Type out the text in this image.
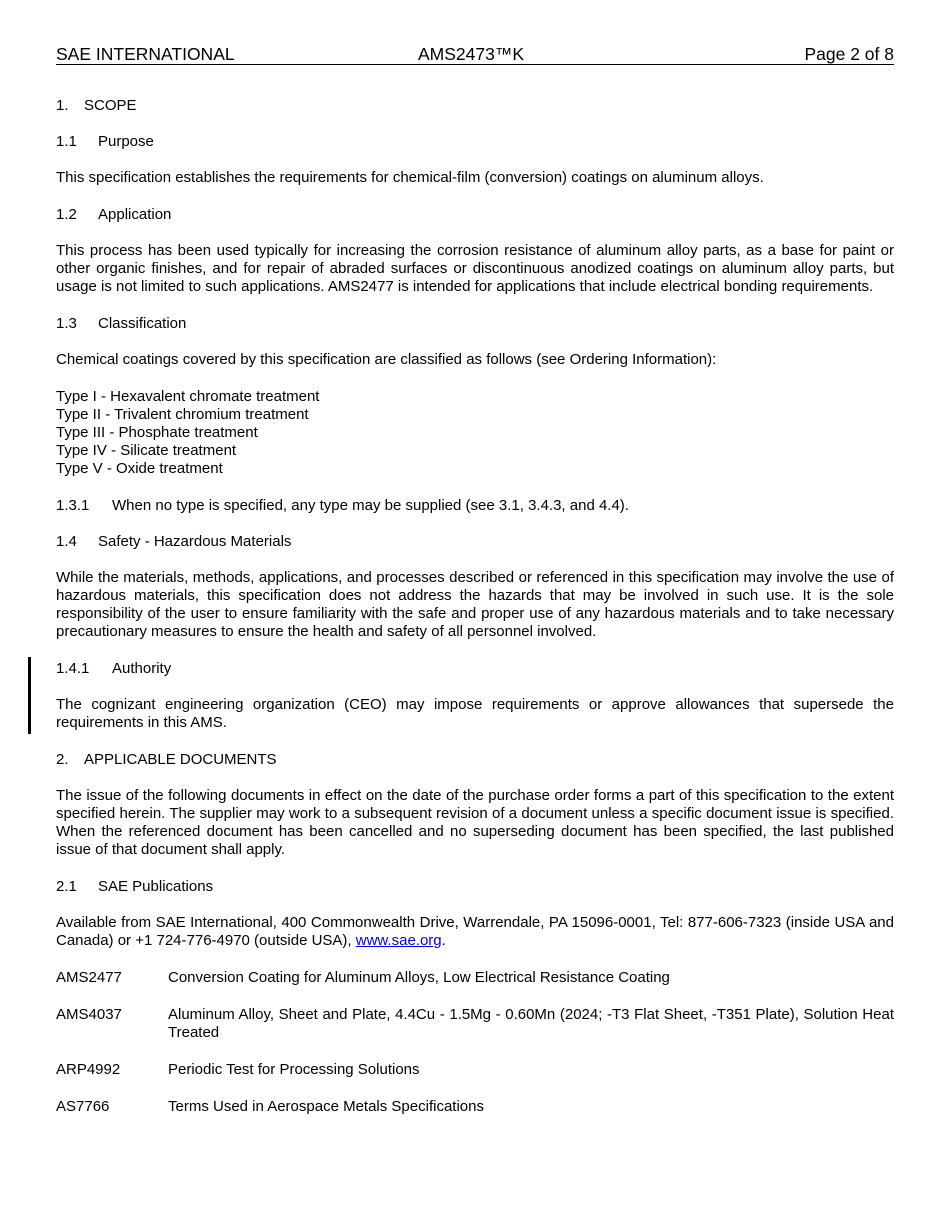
SAE INTERNATIONAL	AMS2473™K	Page 2 of 8
1. SCOPE
1.1 Purpose

This specification establishes the requirements for chemical-film (conversion) coatings on aluminum alloys.

1.2 Application

This process has been used typically for increasing the corrosion resistance of aluminum alloy parts, as a base for paint or other organic finishes, and for repair of abraded surfaces or discontinuous anodized coatings on aluminum alloy parts, but usage is not limited to such applications. AMS2477 is intended for applications that include electrical bonding requirements.

1.3 Classification

Chemical coatings covered by this specification are classified as follows (see Ordering Information):

Type I - Hexavalent chromate treatment
Type II - Trivalent chromium treatment
Type III - Phosphate treatment
Type IV - Silicate treatment
Type V - Oxide treatment
1.3.1 When no type is specified, any type may be supplied (see 3.1, 3.4.3, and 4.4).
1.4 Safety - Hazardous Materials

While the materials, methods, applications, and processes described or referenced in this specification may involve the use of hazardous materials, this specification does not address the hazards that may be involved in such use. It is the sole responsibility of the user to ensure familiarity with the safe and proper use of any hazardous materials and to take necessary precautionary measures to ensure the health and safety of all personnel involved.

1.4.1 Authority

The cognizant engineering organization (CEO) may impose requirements or approve allowances that supersede the requirements in this AMS.

2. APPLICABLE DOCUMENTS

The issue of the following documents in effect on the date of the purchase order forms a part of this specification to the extent specified herein. The supplier may work to a subsequent revision of a document unless a specific document issue is specified. When the referenced document has been cancelled and no superseding document has been specified, the last published issue of that document shall apply.

2.1 SAE Publications

Available from SAE International, 400 Commonwealth Drive, Warrendale, PA 15096-0001, Tel: 877-606-7323 (inside USA and Canada) or +1 724-776-4970 (outside USA), www.sae.org.

AMS2477	Conversion Coating for Aluminum Alloys, Low Electrical Resistance Coating
AMS4037	Aluminum Alloy, Sheet and Plate, 4.4Cu - 1.5Mg - 0.60Mn (2024; -T3 Flat Sheet, -T351 Plate), Solution Heat Treated
ARP4992	Periodic Test for Processing Solutions
AS7766	Terms Used in Aerospace Metals Specifications
